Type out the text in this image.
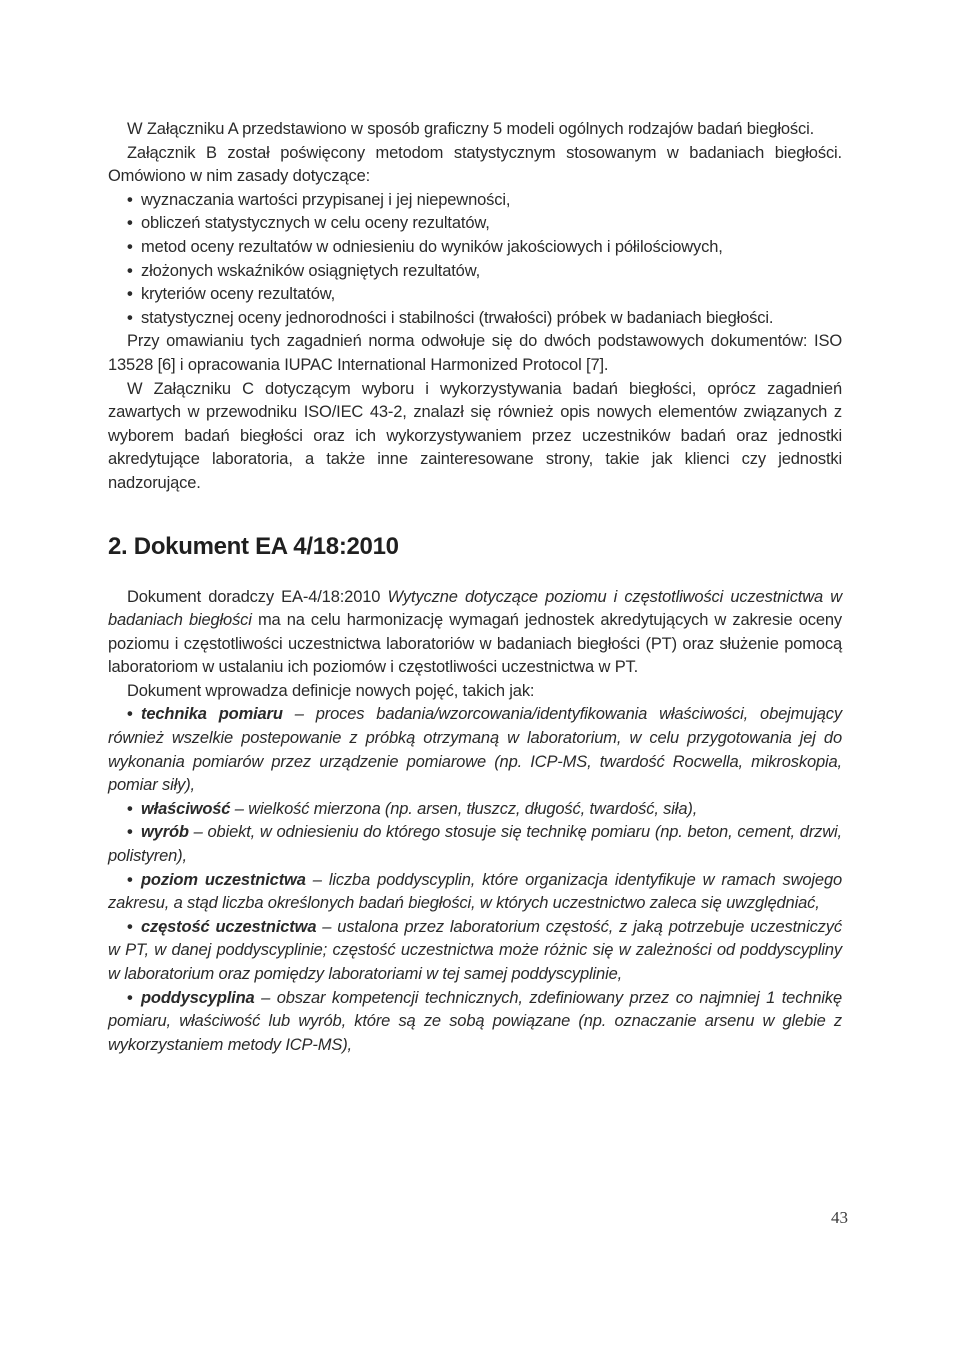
W Załączniku A przedstawiono w sposób graficzny 5 modeli ogólnych rodzajów badań biegłości.

Załącznik B został poświęcony metodom statystycznym stosowanym w badaniach biegłości. Omówiono w nim zasady dotyczące:

• wyznaczania wartości przypisanej i jej niepewności,
• obliczeń statystycznych w celu oceny rezultatów,
• metod oceny rezultatów w odniesieniu do wyników jakościowych i półilościowych,
• złożonych wskaźników osiągniętych rezultatów,
• kryteriów oceny rezultatów,
• statystycznej oceny jednorodności i stabilności (trwałości) próbek w badaniach biegłości.

Przy omawianiu tych zagadnień norma odwołuje się do dwóch podstawowych dokumentów: ISO 13528 [6] i opracowania IUPAC International Harmonized Protocol [7].

W Załączniku C dotyczącym wyboru i wykorzystywania badań biegłości, oprócz zagadnień zawartych w przewodniku ISO/IEC 43-2, znalazł się również opis nowych elementów związanych z wyborem badań biegłości oraz ich wykorzystywaniem przez uczestników badań oraz jednostki akredytujące laboratoria, a także inne zainteresowane strony, takie jak klienci czy jednostki nadzorujące.

2. Dokument EA 4/18:2010

Dokument doradczy EA-4/18:2010 Wytyczne dotyczące poziomu i częstotliwości uczestnictwa w badaniach biegłości ma na celu harmonizację wymagań jednostek akredytujących w zakresie oceny poziomu i częstotliwości uczestnictwa laboratoriów w badaniach biegłości (PT) oraz służenie pomocą laboratoriom w ustalaniu ich poziomów i częstotliwości uczestnictwa w PT.

Dokument wprowadza definicje nowych pojęć, takich jak:

• technika pomiaru – proces badania/wzorcowania/identyfikowania właściwości, obejmujący również wszelkie postepowanie z próbką otrzymaną w laboratorium, w celu przygotowania jej do wykonania pomiarów przez urządzenie pomiarowe (np. ICP-MS, twardość Rocwella, mikroskopia, pomiar siły),
• właściwość – wielkość mierzona (np. arsen, tłuszcz, długość, twardość, siła),
• wyrób – obiekt, w odniesieniu do którego stosuje się technikę pomiaru (np. beton, cement, drzwi, polistyren),
• poziom uczestnictwa – liczba poddyscyplin, które organizacja identyfikuje w ramach swojego zakresu, a stąd liczba określonych badań biegłości, w których uczestnictwo zaleca się uwzględniać,
• częstość uczestnictwa – ustalona przez laboratorium częstość, z jaką potrzebuje uczestniczyć w PT, w danej poddyscyplinie; częstość uczestnictwa może różnic się w zależności od poddyscypliny w laboratorium oraz pomiędzy laboratoriami w tej samej poddyscyplinie,
• poddyscyplina – obszar kompetencji technicznych, zdefiniowany przez co najmniej 1 technikę pomiaru, właściwość lub wyrób, które są ze sobą powiązane (np. oznaczanie arsenu w glebie z wykorzystaniem metody ICP-MS),
43
